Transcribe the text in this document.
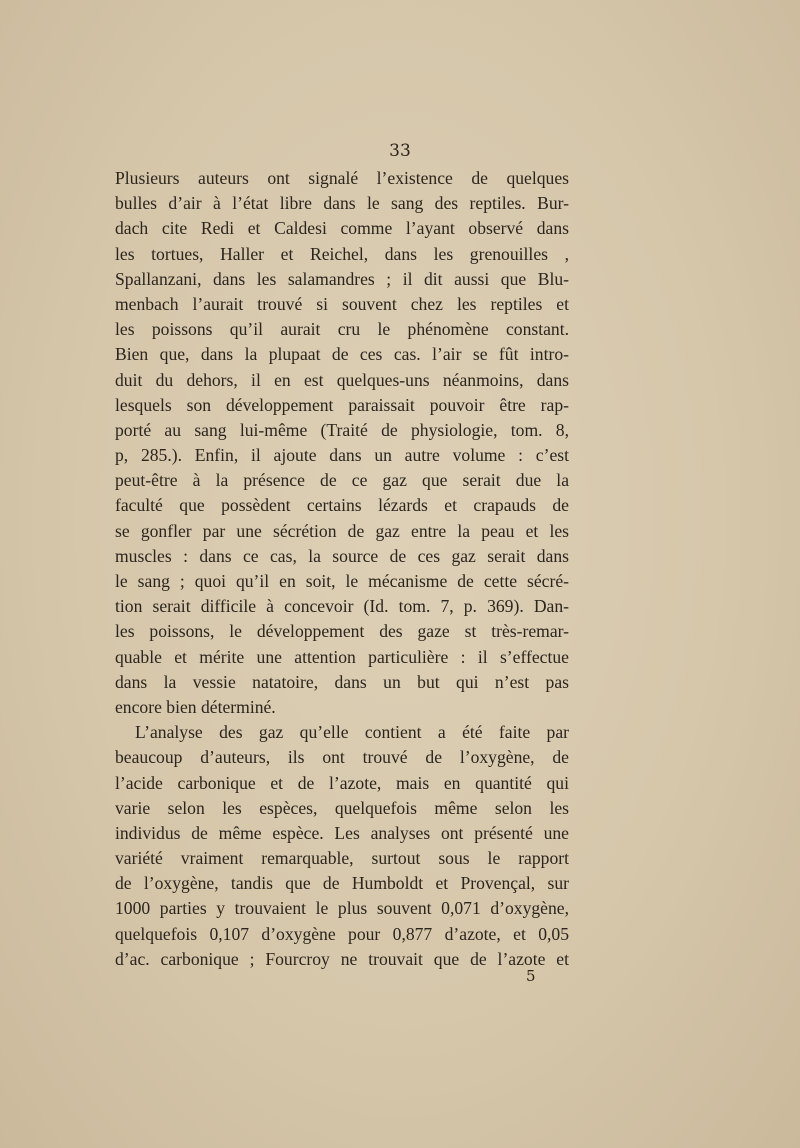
33
Plusieurs auteurs ont signalé l’existence de quelques
bulles d’air à l’état libre dans le sang des reptiles. Bur-
dach cite Redi et Caldesi comme l’ayant observé dans
les tortues, Haller et Reichel, dans les grenouilles ,
Spallanzani, dans les salamandres ; il dit aussi que Blu-
menbach l’aurait trouvé si souvent chez les reptiles et
les poissons qu’il aurait cru le phénomène constant.
Bien que, dans la plupaat de ces cas. l’air se fût intro-
duit du dehors, il en est quelques-uns néanmoins, dans
lesquels son développement paraissait pouvoir être rap-
porté au sang lui-même (Traité de physiologie, tom. 8,
p, 285.). Enfin, il ajoute dans un autre volume : c’est
peut-être à la présence de ce gaz que serait due la
faculté que possèdent certains lézards et crapauds de
se gonfler par une sécrétion de gaz entre la peau et les
muscles : dans ce cas, la source de ces gaz serait dans
le sang ; quoi qu’il en soit, le mécanisme de cette sécré-
tion serait difficile à concevoir (Id. tom. 7, p. 369). Dan-
les poissons, le développement des gaze st très-remar-
quable et mérite une attention particulière : il s’effectue
dans la vessie natatoire, dans un but qui n’est pas
encore bien déterminé.
L’analyse des gaz qu’elle contient a été faite par
beaucoup d’auteurs, ils ont trouvé de l’oxygène, de
l’acide carbonique et de l’azote, mais en quantité qui
varie selon les espèces, quelquefois même selon les
individus de même espèce. Les analyses ont présenté une
variété vraiment remarquable, surtout sous le rapport
de l’oxygène, tandis que de Humboldt et Provençal, sur
1000 parties y trouvaient le plus souvent 0,071 d’oxygène,
quelquefois 0,107 d’oxygène pour 0,877 d’azote, et 0,05
d’ac. carbonique ; Fourcroy ne trouvait que de l’azote et
5
